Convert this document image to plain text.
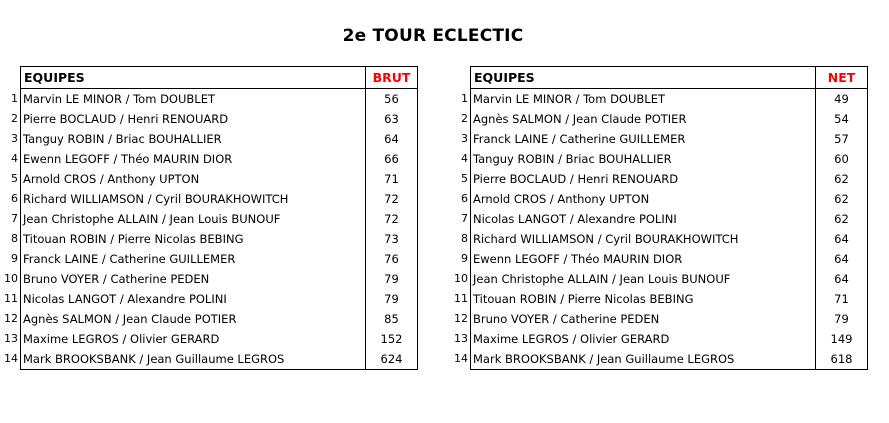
2e TOUR ECLECTIC
	EQUIPES	BRUT
1	Marvin LE MINOR / Tom DOUBLET	56
2	Pierre BOCLAUD / Henri RENOUARD	63
3	Tanguy ROBIN / Briac BOUHALLIER	64
4	Ewenn LEGOFF / Théo MAURIN DIOR	66
5	Arnold CROS / Anthony UPTON	71
6	Richard WILLIAMSON / Cyril BOURAKHOWITCH	72
7	Jean Christophe ALLAIN / Jean Louis BUNOUF	72
8	Titouan ROBIN / Pierre Nicolas BEBING	73
9	Franck LAINE / Catherine GUILLEMER	76
10	Bruno VOYER / Catherine PEDEN	79
11	Nicolas LANGOT / Alexandre POLINI	79
12	Agnès SALMON / Jean Claude POTIER	85
13	Maxime LEGROS / Olivier GERARD	152
14	Mark BROOKSBANK / Jean Guillaume LEGROS	624
	EQUIPES	NET
1	Marvin LE MINOR / Tom DOUBLET	49
2	Agnès SALMON / Jean Claude POTIER	54
3	Franck LAINE / Catherine GUILLEMER	57
4	Tanguy ROBIN / Briac BOUHALLIER	60
5	Pierre BOCLAUD / Henri RENOUARD	62
6	Arnold CROS / Anthony UPTON	62
7	Nicolas LANGOT / Alexandre POLINI	62
8	Richard WILLIAMSON / Cyril BOURAKHOWITCH	64
9	Ewenn LEGOFF / Théo MAURIN DIOR	64
10	Jean Christophe ALLAIN / Jean Louis BUNOUF	64
11	Titouan ROBIN / Pierre Nicolas BEBING	71
12	Bruno VOYER / Catherine PEDEN	79
13	Maxime LEGROS / Olivier GERARD	149
14	Mark BROOKSBANK / Jean Guillaume LEGROS	618
